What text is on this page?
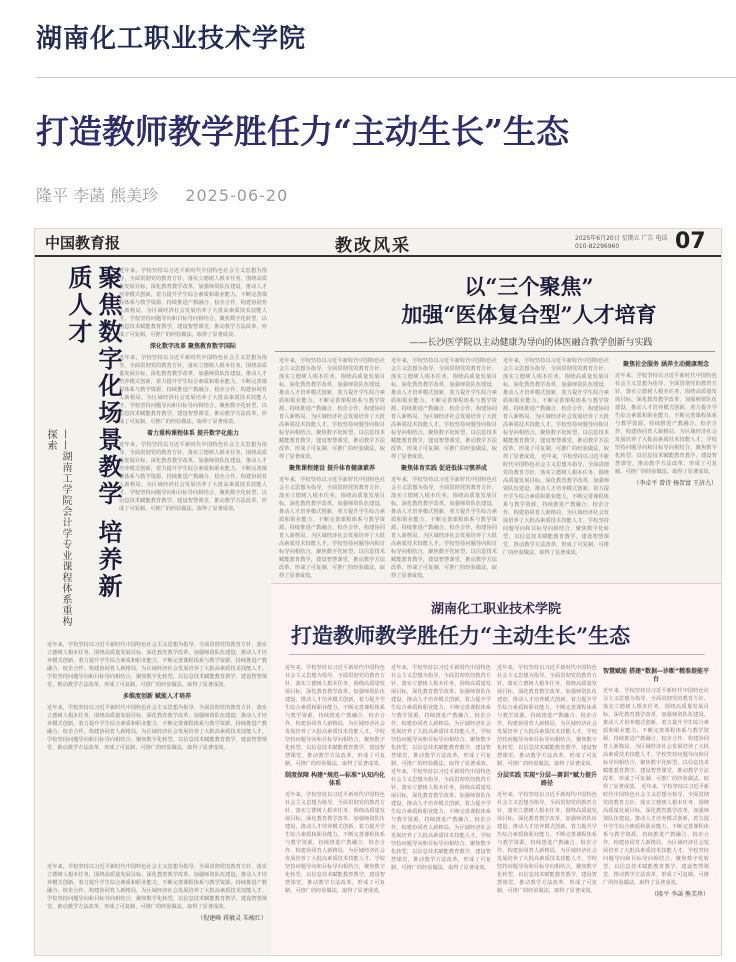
湖南化工职业技术学院
打造教师教学胜任力“主动生长”生态
隆平 李菡 熊美珍 2025-06-20
中国教育报	教改风采	2025年6月20日 星期五 广告 电话 010-82296960	07
聚焦数字化场景教学 培养新质人才
——湖南工学院会计学专业课程体系重构探索
近年来，学校坚持以习近平新时代中国特色社会主义思想为指导，全面贯彻党的教育方针，落实立德树人根本任务，围绕高质量发展目标，深化教育教学改革，加强师资队伍建设，推动人才培养模式创新，着力提升学生综合素质和职业能力，不断完善课程体系与教学资源，持续推进产教融合、校企合作，构建协同育人新格局，为区域经济社会发展培养了大批高素质技术技能人才。学校坚持问题导向和目标导向相结合，聚焦数字化转型，以信息技术赋能教育教学，建设智慧课堂，推动教学方法改革，形成了可复制、可推广的经验做法，取得了显著成效。
深化数字改革 聚焦教育数字国际
近年来，学校坚持以习近平新时代中国特色社会主义思想为指导，全面贯彻党的教育方针，落实立德树人根本任务，围绕高质量发展目标，深化教育教学改革，加强师资队伍建设，推动人才培养模式创新，着力提升学生综合素质和职业能力，不断完善课程体系与教学资源，持续推进产教融合、校企合作，构建协同育人新格局，为区域经济社会发展培养了大批高素质技术技能人才。学校坚持问题导向和目标导向相结合，聚焦数字化转型，以信息技术赋能教育教学，建设智慧课堂，推动教学方法改革，形成了可复制、可推广的经验做法，取得了显著成效。
着力重构课程体系 提升数字化能力
近年来，学校坚持以习近平新时代中国特色社会主义思想为指导，全面贯彻党的教育方针，落实立德树人根本任务，围绕高质量发展目标，深化教育教学改革，加强师资队伍建设，推动人才培养模式创新，着力提升学生综合素质和职业能力，不断完善课程体系与教学资源，持续推进产教融合、校企合作，构建协同育人新格局，为区域经济社会发展培养了大批高素质技术技能人才。学校坚持问题导向和目标导向相结合，聚焦数字化转型，以信息技术赋能教育教学，建设智慧课堂，推动教学方法改革，形成了可复制、可推广的经验做法，取得了显著成效。
近年来，学校坚持以习近平新时代中国特色社会主义思想为指导，全面贯彻党的教育方针，落实立德树人根本任务，围绕高质量发展目标，深化教育教学改革，加强师资队伍建设，推动人才培养模式创新，着力提升学生综合素质和职业能力，不断完善课程体系与教学资源，持续推进产教融合、校企合作，构建协同育人新格局，为区域经济社会发展培养了大批高素质技术技能人才。学校坚持问题导向和目标导向相结合，聚焦数字化转型，以信息技术赋能教育教学，建设智慧课堂，推动教学方法改革，形成了可复制、可推广的经验做法，取得了显著成效。
多维度创新 赋能人才培养
近年来，学校坚持以习近平新时代中国特色社会主义思想为指导，全面贯彻党的教育方针，落实立德树人根本任务，围绕高质量发展目标，深化教育教学改革，加强师资队伍建设，推动人才培养模式创新，着力提升学生综合素质和职业能力，不断完善课程体系与教学资源，持续推进产教融合、校企合作，构建协同育人新格局，为区域经济社会发展培养了大批高素质技术技能人才。学校坚持问题导向和目标导向相结合，聚焦数字化转型，以信息技术赋能教育教学，建设智慧课堂，推动教学方法改革，形成了可复制、可推广的经验做法，取得了显著成效。
近年来，学校坚持以习近平新时代中国特色社会主义思想为指导，全面贯彻党的教育方针，落实立德树人根本任务，围绕高质量发展目标，深化教育教学改革，加强师资队伍建设，推动人才培养模式创新，着力提升学生综合素质和职业能力，不断完善课程体系与教学资源，持续推进产教融合、校企合作，构建协同育人新格局，为区域经济社会发展培养了大批高素质技术技能人才。学校坚持问题导向和目标导向相结合，聚焦数字化转型，以信息技术赋能教育教学，建设智慧课堂，推动教学方法改革，形成了可复制、可推广的经验做法，取得了显著成效。
（倪建峰 蒋敏灵 朱峻红）
以“三个聚焦”
加强“医体复合型”人才培育
——长沙医学院以主动健康为导向的体医融合教学创新与实践
近年来，学校坚持以习近平新时代中国特色社会主义思想为指导，全面贯彻党的教育方针，落实立德树人根本任务，围绕高质量发展目标，深化教育教学改革，加强师资队伍建设，推动人才培养模式创新，着力提升学生综合素质和职业能力，不断完善课程体系与教学资源，持续推进产教融合、校企合作，构建协同育人新格局，为区域经济社会发展培养了大批高素质技术技能人才。学校坚持问题导向和目标导向相结合，聚焦数字化转型，以信息技术赋能教育教学，建设智慧课堂，推动教学方法改革，形成了可复制、可推广的经验做法，取得了显著成效。
聚焦课程建设 提升体育健康素养
近年来，学校坚持以习近平新时代中国特色社会主义思想为指导，全面贯彻党的教育方针，落实立德树人根本任务，围绕高质量发展目标，深化教育教学改革，加强师资队伍建设，推动人才培养模式创新，着力提升学生综合素质和职业能力，不断完善课程体系与教学资源，持续推进产教融合、校企合作，构建协同育人新格局，为区域经济社会发展培养了大批高素质技术技能人才。学校坚持问题导向和目标导向相结合，聚焦数字化转型，以信息技术赋能教育教学，建设智慧课堂，推动教学方法改革，形成了可复制、可推广的经验做法，取得了显著成效。
近年来，学校坚持以习近平新时代中国特色社会主义思想为指导，全面贯彻党的教育方针，落实立德树人根本任务，围绕高质量发展目标，深化教育教学改革，加强师资队伍建设，推动人才培养模式创新，着力提升学生综合素质和职业能力，不断完善课程体系与教学资源，持续推进产教融合、校企合作，构建协同育人新格局，为区域经济社会发展培养了大批高素质技术技能人才。学校坚持问题导向和目标导向相结合，聚焦数字化转型，以信息技术赋能教育教学，建设智慧课堂，推动教学方法改革，形成了可复制、可推广的经验做法，取得了显著成效。
聚焦体育实践 促进低体习惯养成
近年来，学校坚持以习近平新时代中国特色社会主义思想为指导，全面贯彻党的教育方针，落实立德树人根本任务，围绕高质量发展目标，深化教育教学改革，加强师资队伍建设，推动人才培养模式创新，着力提升学生综合素质和职业能力，不断完善课程体系与教学资源，持续推进产教融合、校企合作，构建协同育人新格局，为区域经济社会发展培养了大批高素质技术技能人才。学校坚持问题导向和目标导向相结合，聚焦数字化转型，以信息技术赋能教育教学，建设智慧课堂，推动教学方法改革，形成了可复制、可推广的经验做法，取得了显著成效。
近年来，学校坚持以习近平新时代中国特色社会主义思想为指导，全面贯彻党的教育方针，落实立德树人根本任务，围绕高质量发展目标，深化教育教学改革，加强师资队伍建设，推动人才培养模式创新，着力提升学生综合素质和职业能力，不断完善课程体系与教学资源，持续推进产教融合、校企合作，构建协同育人新格局，为区域经济社会发展培养了大批高素质技术技能人才。学校坚持问题导向和目标导向相结合，聚焦数字化转型，以信息技术赋能教育教学，建设智慧课堂，推动教学方法改革，形成了可复制、可推广的经验做法，取得了显著成效。 近年来，学校坚持以习近平新时代中国特色社会主义思想为指导，全面贯彻党的教育方针，落实立德树人根本任务，围绕高质量发展目标，深化教育教学改革，加强师资队伍建设，推动人才培养模式创新，着力提升学生综合素质和职业能力，不断完善课程体系与教学资源，持续推进产教融合、校企合作，构建协同育人新格局，为区域经济社会发展培养了大批高素质技术技能人才。学校坚持问题导向和目标导向相结合，聚焦数字化转型，以信息技术赋能教育教学，建设智慧课堂，推动教学方法改革，形成了可复制、可推广的经验做法，取得了显著成效。
聚焦社会服务 涵养主动健康理念
近年来，学校坚持以习近平新时代中国特色社会主义思想为指导，全面贯彻党的教育方针，落实立德树人根本任务，围绕高质量发展目标，深化教育教学改革，加强师资队伍建设，推动人才培养模式创新，着力提升学生综合素质和职业能力，不断完善课程体系与教学资源，持续推进产教融合、校企合作，构建协同育人新格局，为区域经济社会发展培养了大批高素质技术技能人才。学校坚持问题导向和目标导向相结合，聚焦数字化转型，以信息技术赋能教育教学，建设智慧课堂，推动教学方法改革，形成了可复制、可推广的经验做法，取得了显著成效。
（李卓平 曾诗 杨贺富 王济九）
湖南化工职业技术学院
打造教师教学胜任力“主动生长”生态
近年来，学校坚持以习近平新时代中国特色社会主义思想为指导，全面贯彻党的教育方针，落实立德树人根本任务，围绕高质量发展目标，深化教育教学改革，加强师资队伍建设，推动人才培养模式创新，着力提升学生综合素质和职业能力，不断完善课程体系与教学资源，持续推进产教融合、校企合作，构建协同育人新格局，为区域经济社会发展培养了大批高素质技术技能人才。学校坚持问题导向和目标导向相结合，聚焦数字化转型，以信息技术赋能教育教学，建设智慧课堂，推动教学方法改革，形成了可复制、可推广的经验做法，取得了显著成效。
制度保障 构建“规范—标准”认知内化体系
近年来，学校坚持以习近平新时代中国特色社会主义思想为指导，全面贯彻党的教育方针，落实立德树人根本任务，围绕高质量发展目标，深化教育教学改革，加强师资队伍建设，推动人才培养模式创新，着力提升学生综合素质和职业能力，不断完善课程体系与教学资源，持续推进产教融合、校企合作，构建协同育人新格局，为区域经济社会发展培养了大批高素质技术技能人才。学校坚持问题导向和目标导向相结合，聚焦数字化转型，以信息技术赋能教育教学，建设智慧课堂，推动教学方法改革，形成了可复制、可推广的经验做法，取得了显著成效。
近年来，学校坚持以习近平新时代中国特色社会主义思想为指导，全面贯彻党的教育方针，落实立德树人根本任务，围绕高质量发展目标，深化教育教学改革，加强师资队伍建设，推动人才培养模式创新，着力提升学生综合素质和职业能力，不断完善课程体系与教学资源，持续推进产教融合、校企合作，构建协同育人新格局，为区域经济社会发展培养了大批高素质技术技能人才。学校坚持问题导向和目标导向相结合，聚焦数字化转型，以信息技术赋能教育教学，建设智慧课堂，推动教学方法改革，形成了可复制、可推广的经验做法，取得了显著成效。 近年来，学校坚持以习近平新时代中国特色社会主义思想为指导，全面贯彻党的教育方针，落实立德树人根本任务，围绕高质量发展目标，深化教育教学改革，加强师资队伍建设，推动人才培养模式创新，着力提升学生综合素质和职业能力，不断完善课程体系与教学资源，持续推进产教融合、校企合作，构建协同育人新格局，为区域经济社会发展培养了大批高素质技术技能人才。学校坚持问题导向和目标导向相结合，聚焦数字化转型，以信息技术赋能教育教学，建设智慧课堂，推动教学方法改革，形成了可复制、可推广的经验做法，取得了显著成效。
近年来，学校坚持以习近平新时代中国特色社会主义思想为指导，全面贯彻党的教育方针，落实立德树人根本任务，围绕高质量发展目标，深化教育教学改革，加强师资队伍建设，推动人才培养模式创新，着力提升学生综合素质和职业能力，不断完善课程体系与教学资源，持续推进产教融合、校企合作，构建协同育人新格局，为区域经济社会发展培养了大批高素质技术技能人才。学校坚持问题导向和目标导向相结合，聚焦数字化转型，以信息技术赋能教育教学，建设智慧课堂，推动教学方法改革，形成了可复制、可推广的经验做法，取得了显著成效。
分层实践 实现“分层—赛训”赋力提升路径
近年来，学校坚持以习近平新时代中国特色社会主义思想为指导，全面贯彻党的教育方针，落实立德树人根本任务，围绕高质量发展目标，深化教育教学改革，加强师资队伍建设，推动人才培养模式创新，着力提升学生综合素质和职业能力，不断完善课程体系与教学资源，持续推进产教融合、校企合作，构建协同育人新格局，为区域经济社会发展培养了大批高素质技术技能人才。学校坚持问题导向和目标导向相结合，聚焦数字化转型，以信息技术赋能教育教学，建设智慧课堂，推动教学方法改革，形成了可复制、可推广的经验做法，取得了显著成效。
智慧赋能 搭建“数据—诊断”精准提能平台
近年来，学校坚持以习近平新时代中国特色社会主义思想为指导，全面贯彻党的教育方针，落实立德树人根本任务，围绕高质量发展目标，深化教育教学改革，加强师资队伍建设，推动人才培养模式创新，着力提升学生综合素质和职业能力，不断完善课程体系与教学资源，持续推进产教融合、校企合作，构建协同育人新格局，为区域经济社会发展培养了大批高素质技术技能人才。学校坚持问题导向和目标导向相结合，聚焦数字化转型，以信息技术赋能教育教学，建设智慧课堂，推动教学方法改革，形成了可复制、可推广的经验做法，取得了显著成效。 近年来，学校坚持以习近平新时代中国特色社会主义思想为指导，全面贯彻党的教育方针，落实立德树人根本任务，围绕高质量发展目标，深化教育教学改革，加强师资队伍建设，推动人才培养模式创新，着力提升学生综合素质和职业能力，不断完善课程体系与教学资源，持续推进产教融合、校企合作，构建协同育人新格局，为区域经济社会发展培养了大批高素质技术技能人才。学校坚持问题导向和目标导向相结合，聚焦数字化转型，以信息技术赋能教育教学，建设智慧课堂，推动教学方法改革，形成了可复制、可推广的经验做法，取得了显著成效。
（隆平 李菡 熊美珍）
